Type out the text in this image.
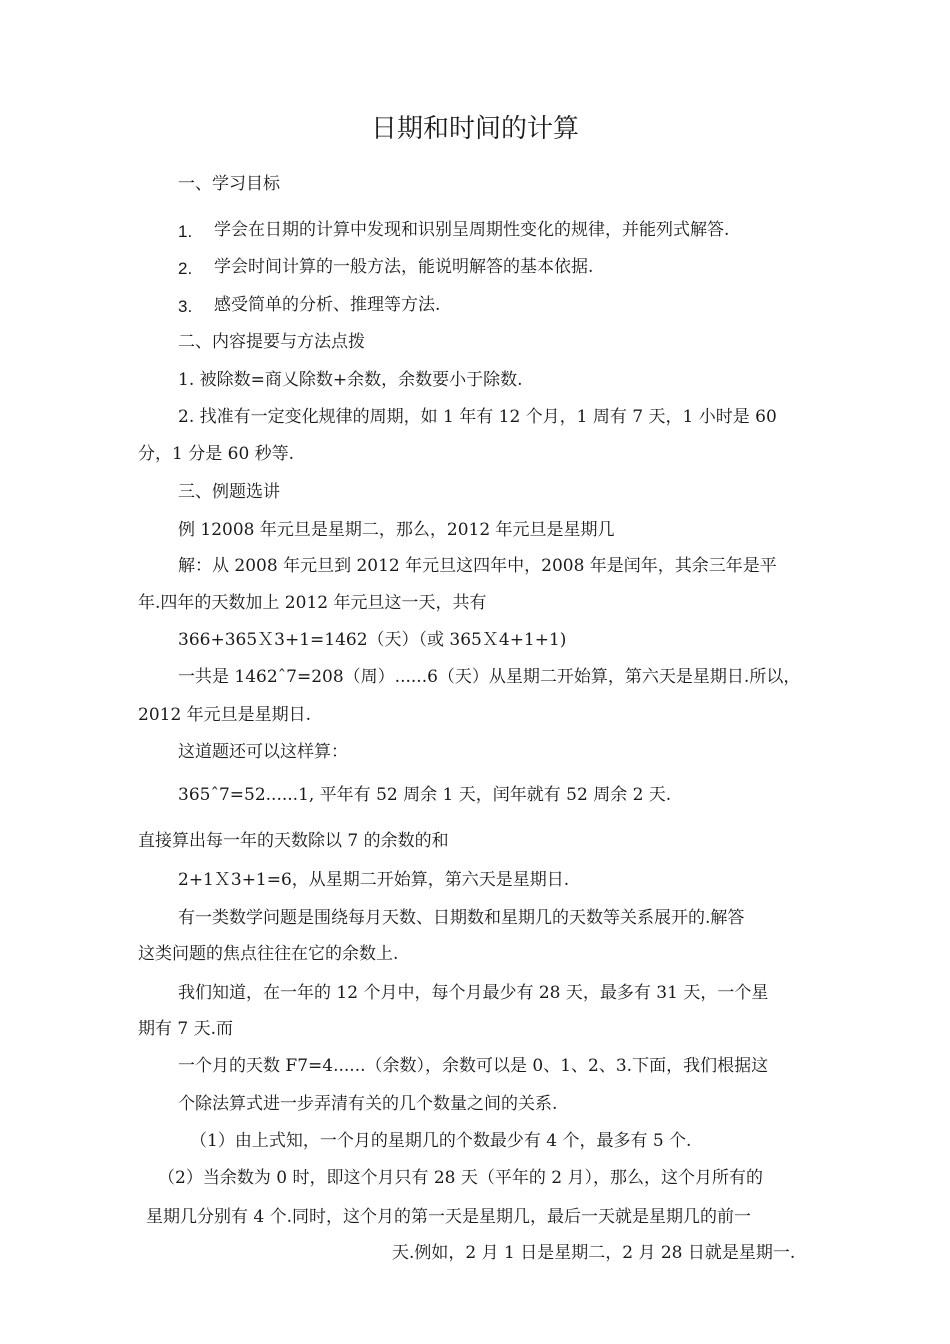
日期和时间的计算
一、学习目标
1. 学会在日期的计算中发现和识别呈周期性变化的规律，并能列式解答.
2. 学会时间计算的一般方法，能说明解答的基本依据.
3. 感受简单的分析、推理等方法.
二、内容提要与方法点拨
1. 被除数=商乂除数+余数，余数要小于除数.
2. 找准有一定变化规律的周期，如 1 年有 12 个月，1 周有 7 天，1 小时是 60
分，1 分是 60 秒等.
三、例题选讲
例 12008 年元旦是星期二，那么，2012 年元旦是星期几
解：从 2008 年元旦到 2012 年元旦这四年中，2008 年是闰年，其余三年是平
年.四年的天数加上 2012 年元旦这一天，共有
366+365Ｘ3+1=1462（天）（或 365Ｘ4+1+1)
一共是 1462ˆ7=208（周）......6（天）从星期二开始算，第六天是星期日.所以，
2012 年元旦是星期日.
这道题还可以这样算：
365ˆ7=52......1, 平年有 52 周余 1 天，闰年就有 52 周余 2 天.
直接算出每一年的天数除以 7 的余数的和
2+1Ｘ3+1=6，从星期二开始算，第六天是星期日.
有一类数学问题是围绕每月天数、日期数和星期几的天数等关系展开的.解答
这类问题的焦点往往在它的余数上.
我们知道，在一年的 12 个月中，每个月最少有 28 天，最多有 31 天，一个星
期有 7 天.而
一个月的天数 F7=4......（余数），余数可以是 0、1、2、3.下面，我们根据这
个除法算式进一步弄清有关的几个数量之间的关系.
（1）由上式知，一个月的星期几的个数最少有 4 个，最多有 5 个.
（2）当余数为 0 时，即这个月只有 28 天（平年的 2 月），那么，这个月所有的
星期几分别有 4 个.同时，这个月的第一天是星期几，最后一天就是星期几的前一
天.例如，2 月 1 日是星期二，2 月 28 日就是星期一.
